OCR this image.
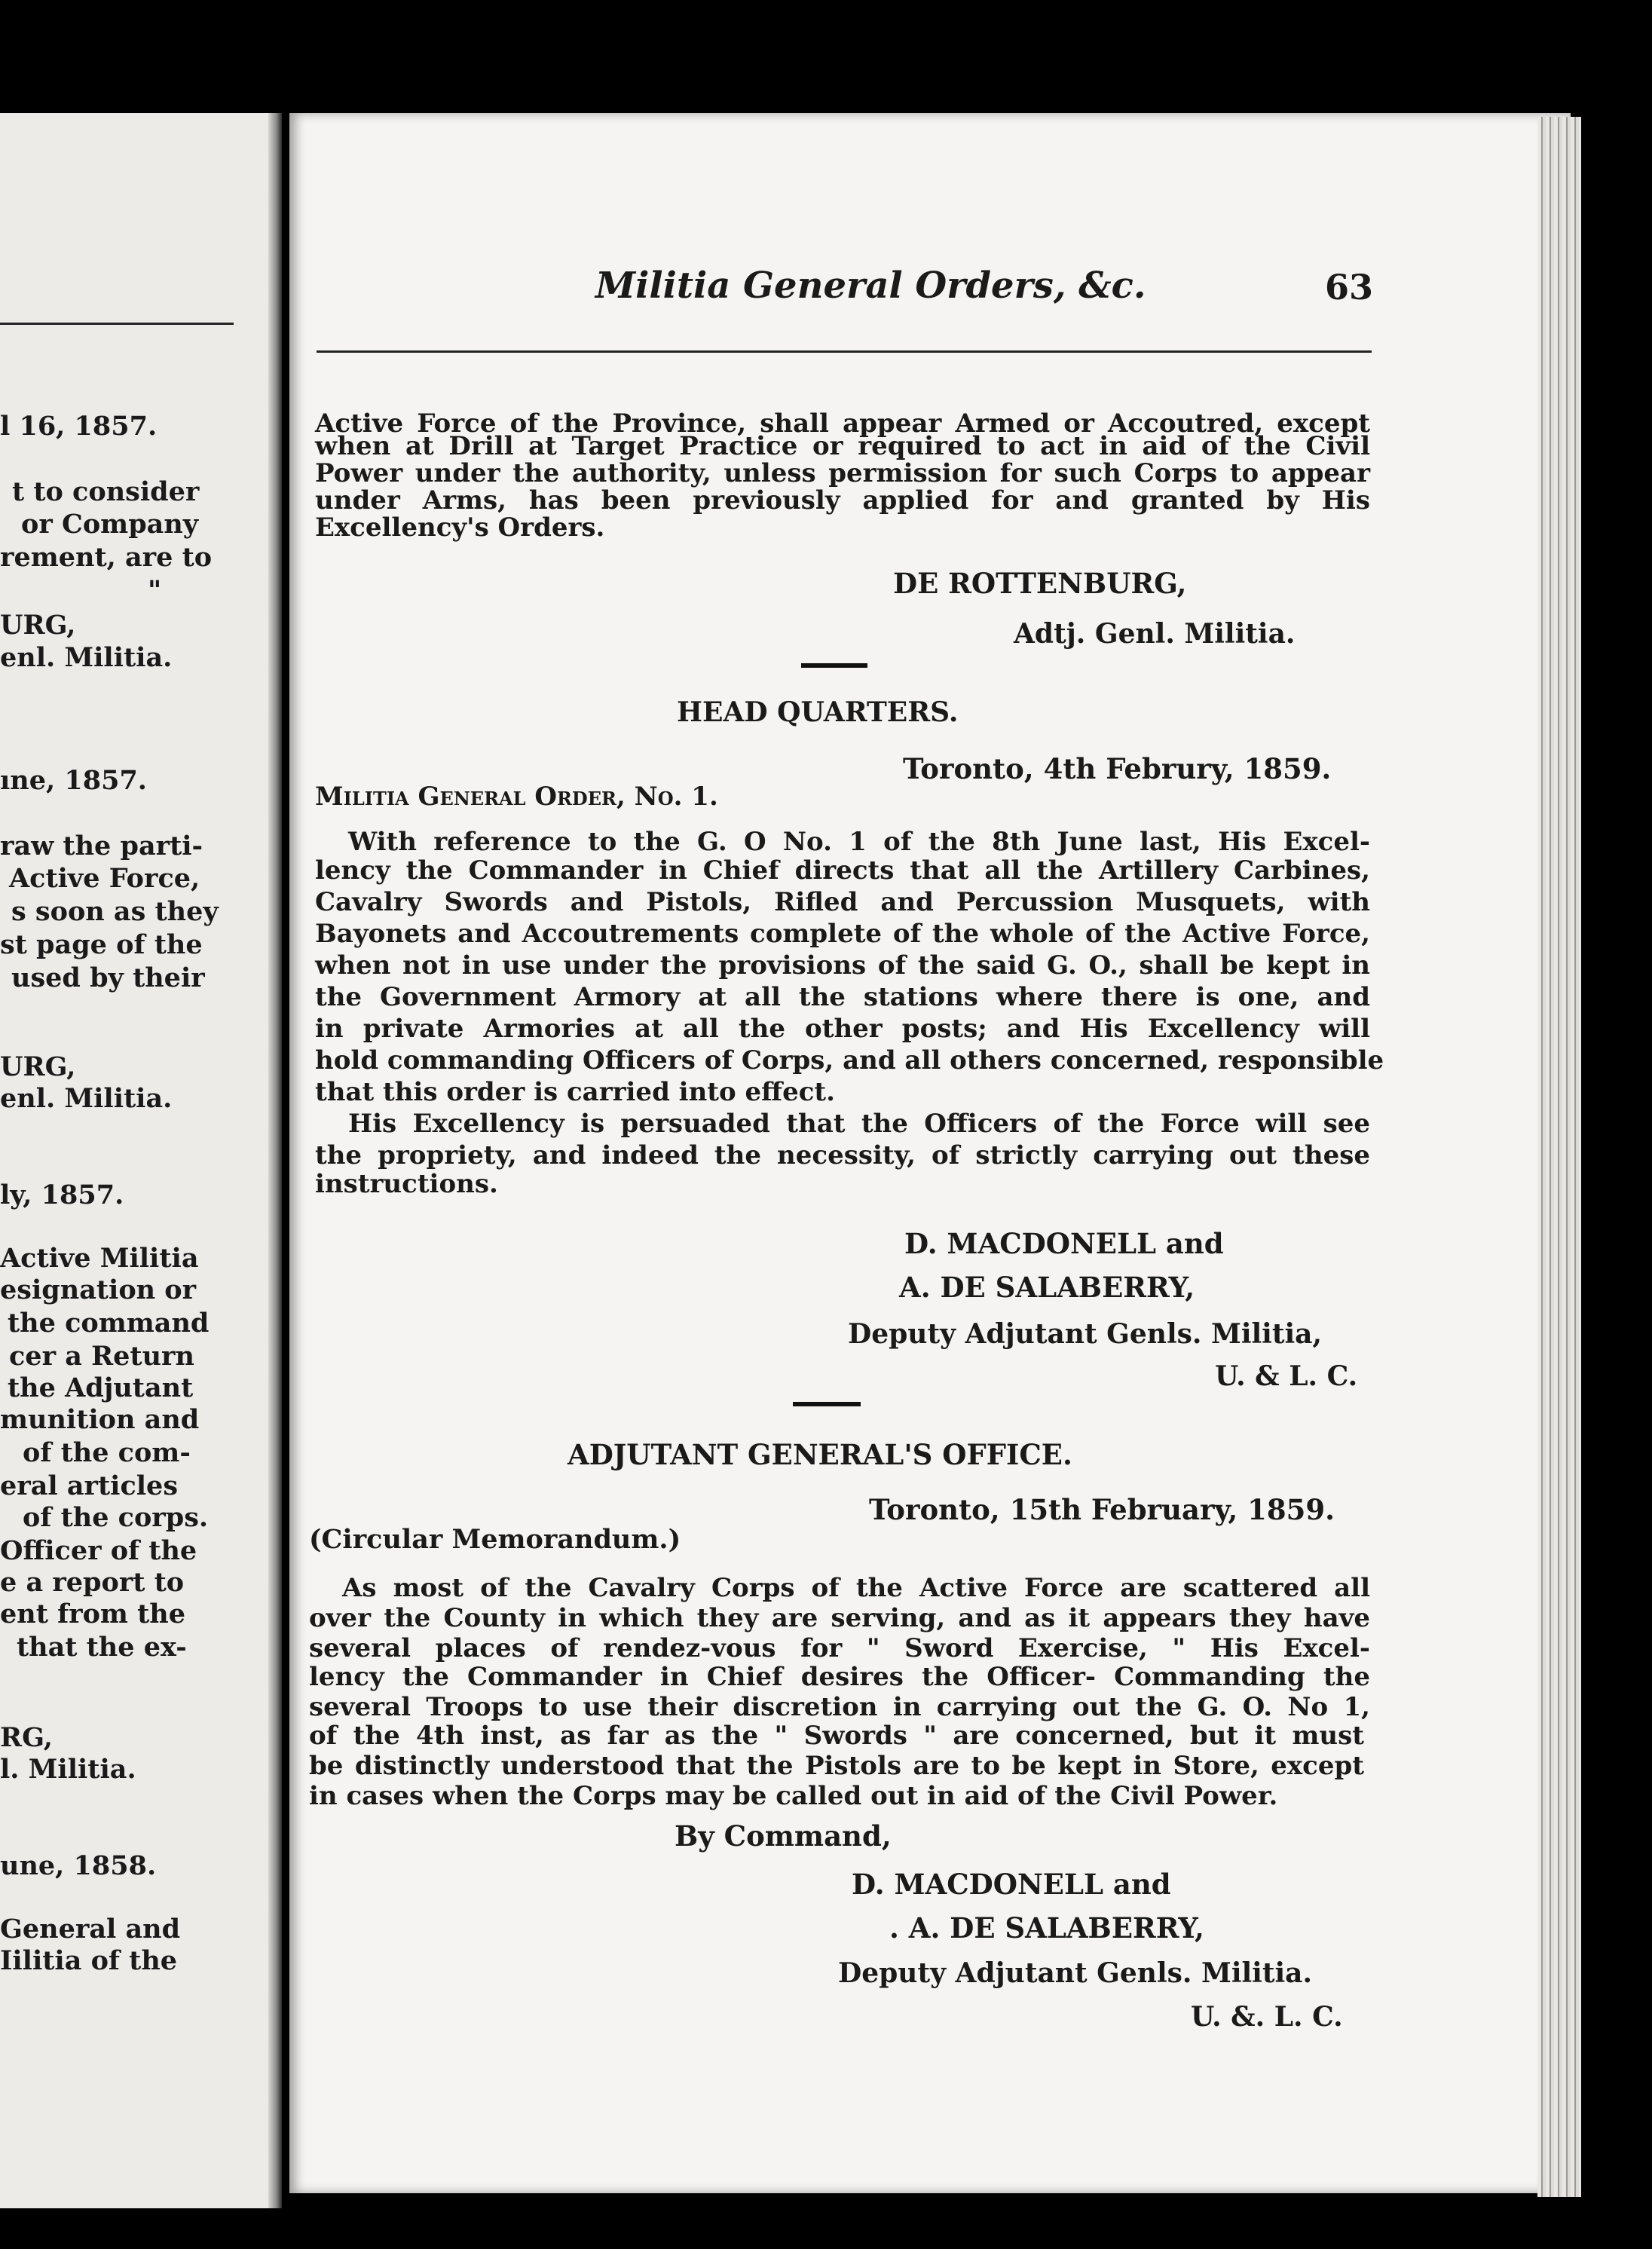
l 16, 1857.
t to consider
or Company
rement, are to
"
URG,
enl. Militia.
ıne, 1857.
raw the parti-
Active Force,
s soon as they
st page of the
used by their
URG,
enl. Militia.
ly, 1857.
Active Militia
esignation or
the command
cer a Return
the Adjutant
munition and
of the com-
eral articles
of the corps.
Officer of the
e a report to
ent from the
that the ex-
RG,
l. Militia.
une, 1858.
General and
Iilitia of the
Militia General Orders, &c.	63
Active Force of the Province, shall appear Armed or Accoutred, except
when at Drill at Target Practice or required to act in aid of the Civil
Power under the authority, unless permission for such Corps to appear
under Arms, has been previously applied for and granted by His
Excellency's Orders.
DE ROTTENBURG,
Adtj. Genl. Militia.
HEAD QUARTERS.
Toronto, 4th Februry, 1859.
Militia General Order, No. 1.
With reference to the G. O No. 1 of the 8th June last, His Excel-
lency the Commander in Chief directs that all the Artillery Carbines,
Cavalry Swords and Pistols, Rifled and Percussion Musquets, with
Bayonets and Accoutrements complete of the whole of the Active Force,
when not in use under the provisions of the said G. O., shall be kept in
the Government Armory at all the stations where there is one, and
in private Armories at all the other posts; and His Excellency will
hold commanding Officers of Corps, and all others concerned, responsible
that this order is carried into effect.
His Excellency is persuaded that the Officers of the Force will see
the propriety, and indeed the necessity, of strictly carrying out these
instructions.
D. MACDONELL and
A. DE SALABERRY,
Deputy Adjutant Genls. Militia,
U. & L. C.
ADJUTANT GENERAL'S OFFICE.
Toronto, 15th February, 1859.
(Circular Memorandum.)
As most of the Cavalry Corps of the Active Force are scattered all
over the County in which they are serving, and as it appears they have
several places of rendez-vous for " Sword Exercise, " His Excel-
lency the Commander in Chief desires the Officer- Commanding the
several Troops to use their discretion in carrying out the G. O. No 1,
of the 4th inst, as far as the " Swords " are concerned, but it must
be distinctly understood that the Pistols are to be kept in Store, except
in cases when the Corps may be called out in aid of the Civil Power.
By Command,
D. MACDONELL and
. A. DE SALABERRY,
Deputy Adjutant Genls. Militia.
U. &. L. C.
